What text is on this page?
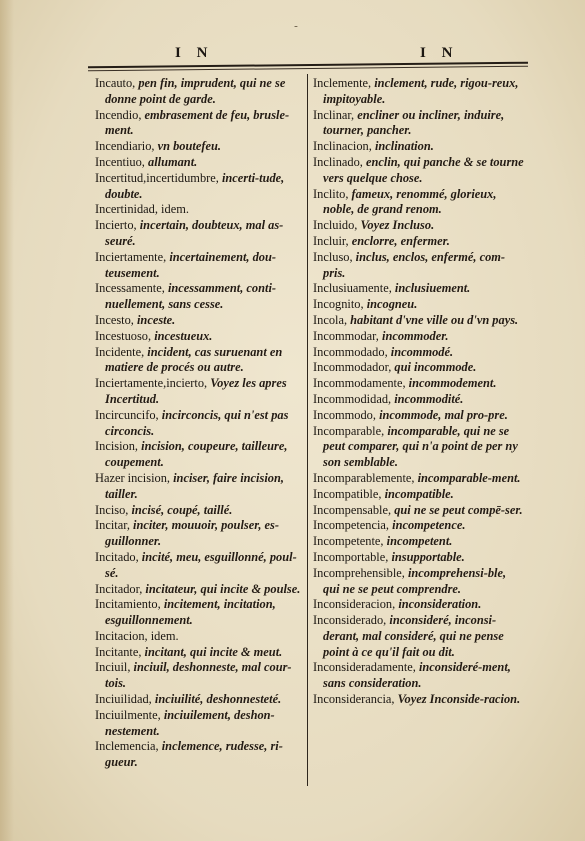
-
I N	I N

Incauto, pen fin, imprudent, qui ne se donne point de garde.

Incendio, embrasement de feu, brusle-ment.

Incendiario, vn boutefeu.

Incentiuo, allumant.

Incertitud,incertidumbre, incerti-tude, doubte.

Incertinidad, idem.

Incierto, incertain, doubteux, mal as-seuré.

Inciertamente, incertainement, dou-teusement.

Incessamente, incessamment, conti-nuellement, sans cesse.

Incesto, inceste.

Incestuoso, incestueux.

Incidente, incident, cas suruenant en matiere de procés ou autre.

Inciertamente,incierto, Voyez les apres Incertitud.

Incircuncifo, incirconcis, qui n'est pas circoncis.

Incision, incision, coupeure, tailleure, coupement.

Hazer incision, inciser, faire incision, tailler.

Inciso, incisé, coupé, taillé.

Incitar, inciter, mouuoir, poulser, es-guillonner.

Incitado, incité, meu, esguillonné, poul-sé.

Incitador, incitateur, qui incite & poulse.

Incitamiento, incitement, incitation, esguillonnement.

Incitacion, idem.

Incitante, incitant, qui incite & meut.

Inciuil, inciuil, deshonneste, mal cour-tois.

Inciuilidad, inciuilité, deshonnesteté.

Inciuilmente, inciuilement, deshon-nestement.

Inclemencia, inclemence, rudesse, ri-gueur.

Inclemente, inclement, rude, rigou-reux, impitoyable.

Inclinar, encliner ou incliner, induire, tourner, pancher.

Inclinacion, inclination.

Inclinado, enclin, qui panche & se tourne vers quelque chose.

Inclito, fameux, renommé, glorieux, noble, de grand renom.

Incluido, Voyez Incluso.

Incluir, enclorre, enfermer.

Incluso, inclus, enclos, enfermé, com-pris.

Inclusiuamente, inclusiuement.

Incognito, incogneu.

Incola, habitant d'vne ville ou d'vn pays.

Incommodar, incommoder.

Incommodado, incommodé.

Incommodador, qui incommode.

Incommodamente, incommodement.

Incommodidad, incommodité.

Incommodo, incommode, mal pro-pre.

Incomparable, incomparable, qui ne se peut comparer, qui n'a point de per ny son semblable.

Incomparablemente, incomparable-ment.

Incompatible, incompatible.

Incompensable, qui ne se peut compē-ser.

Incompetencia, incompetence.

Incompetente, incompetent.

Incomportable, insupportable.

Incomprehensible, incomprehensi-ble, qui ne se peut comprendre.

Inconsideracion, inconsideration.

Inconsiderado, inconsideré, inconsi-derant, mal consideré, qui ne pense point à ce qu'il fait ou dit.

Inconsideradamente, inconsideré-ment, sans consideration.

Inconsiderancia, Voyez Inconside-racion.
